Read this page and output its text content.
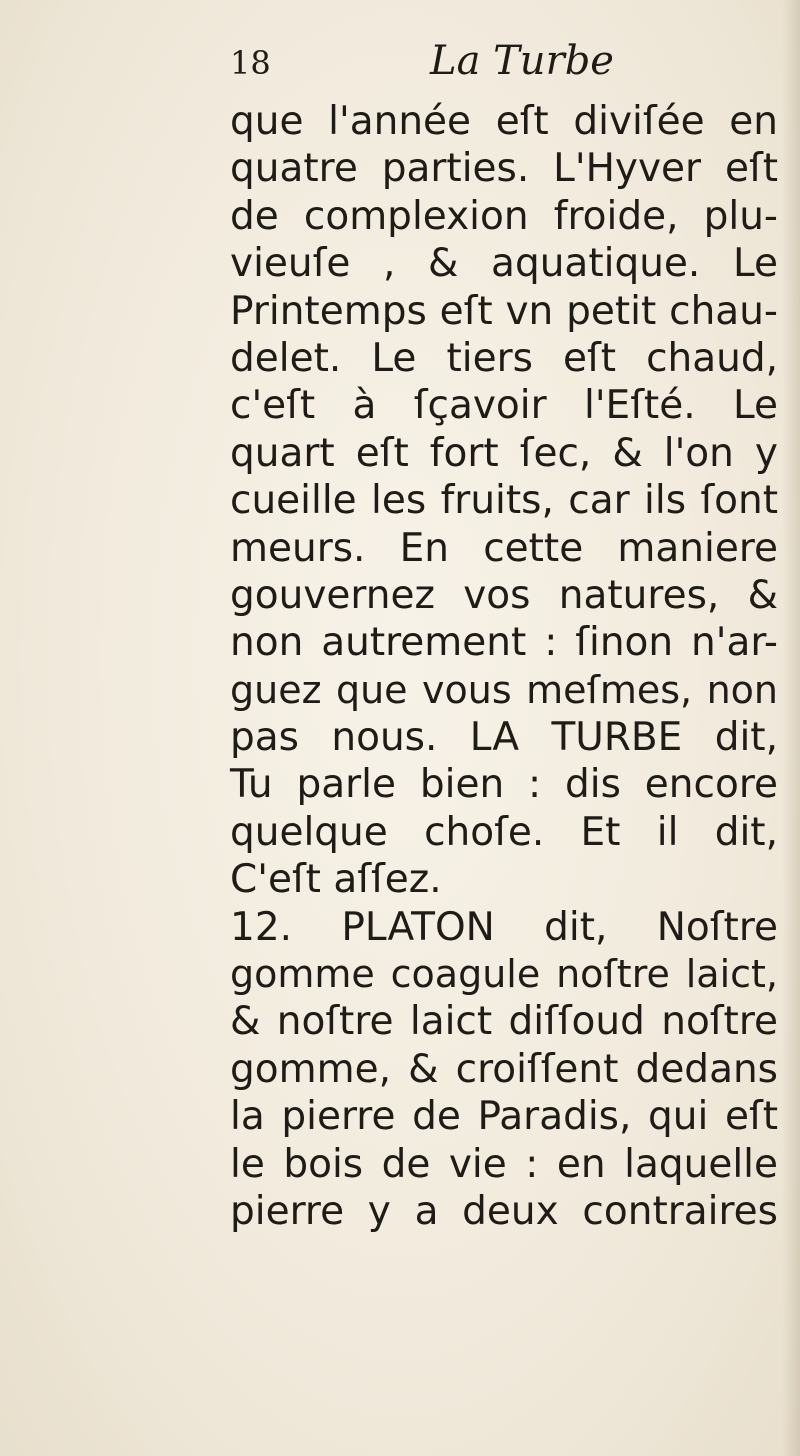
18	La Turbe
que l'année eſt diviſée en
quatre parties. L'Hyver eſt
de complexion froide, plu-
vieuſe , & aquatique. Le
Printemps eſt vn petit chau-
delet. Le tiers eſt chaud,
c'eſt à ſçavoir l'Eſté. Le
quart eſt fort ſec, & l'on y
cueille les fruits, car ils ſont
meurs. En cette maniere
gouvernez vos natures, &
non autrement : ſinon n'ar-
guez que vous meſmes, non
pas nous. LA TURBE dit,
Tu parle bien : dis encore
quelque choſe. Et il dit,
C'eſt aſſez.
12. PLATON dit, Noſtre
gomme coagule noſtre laict,
& noſtre laict diſſoud noſtre
gomme, & croiſſent dedans
la pierre de Paradis, qui eſt
le bois de vie : en laquelle
pierre y a deux contraires
